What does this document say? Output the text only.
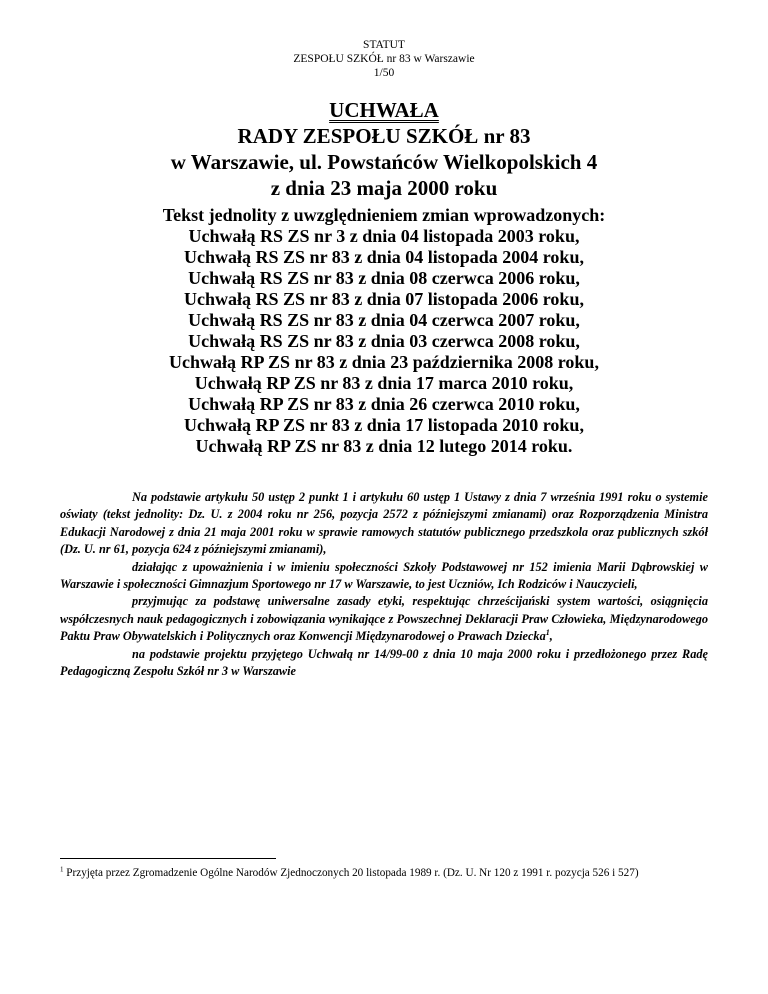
STATUT
ZESPOŁU SZKÓŁ nr 83 w Warszawie
1/50
UCHWAŁA
RADY ZESPOŁU SZKÓŁ nr 83
w Warszawie, ul. Powstańców Wielkopolskich 4
z dnia 23 maja 2000 roku
Tekst jednolity z uwzględnieniem zmian wprowadzonych:
Uchwałą RS ZS nr 3 z dnia 04 listopada 2003 roku,
Uchwałą RS ZS nr 83 z dnia 04 listopada 2004 roku,
Uchwałą RS ZS nr 83 z dnia 08 czerwca 2006 roku,
Uchwałą RS ZS nr 83 z dnia 07 listopada 2006 roku,
Uchwałą RS ZS nr 83 z dnia 04 czerwca 2007 roku,
Uchwałą RS ZS nr 83 z dnia 03 czerwca 2008 roku,
Uchwałą RP ZS nr 83 z dnia 23 października 2008 roku,
Uchwałą RP ZS nr 83 z dnia 17 marca 2010 roku,
Uchwałą RP ZS nr 83 z dnia 26 czerwca 2010 roku,
Uchwałą RP ZS nr 83 z dnia 17 listopada 2010 roku,
Uchwałą RP ZS nr 83 z dnia 12 lutego 2014 roku.

Na podstawie artykułu 50 ustęp 2 punkt 1 i artykułu 60 ustęp 1 Ustawy z dnia 7 września 1991 roku o systemie oświaty (tekst jednolity: Dz. U. z 2004 roku nr 256, pozycja 2572 z późniejszymi zmianami) oraz Rozporządzenia Ministra Edukacji Narodowej z dnia 21 maja 2001 roku w sprawie ramowych statutów publicznego przedszkola oraz publicznych szkół (Dz. U. nr 61, pozycja 624 z późniejszymi zmianami),

działając z upoważnienia i w imieniu społeczności Szkoły Podstawowej nr 152 imienia Marii Dąbrowskiej w Warszawie i społeczności Gimnazjum Sportowego nr 17 w Warszawie, to jest Uczniów, Ich Rodziców i Nauczycieli,

przyjmując za podstawę uniwersalne zasady etyki, respektując chrześcijański system wartości, osiągnięcia współczesnych nauk pedagogicznych i zobowiązania wynikające z Powszechnej Deklaracji Praw Człowieka, Międzynarodowego Paktu Praw Obywatelskich i Politycznych oraz Konwencji Międzynarodowej o Prawach Dziecka$^1$,

na podstawie projektu przyjętego Uchwałą nr 14/99-00 z dnia 10 maja 2000 roku i przedłożonego przez Radę Pedagogiczną Zespołu Szkół nr 3 w Warszawie

$^1$ Przyjęta przez Zgromadzenie Ogólne Narodów Zjednoczonych 20 listopada 1989 r. (Dz. U. Nr 120 z 1991 r. pozycja 526 i 527)
